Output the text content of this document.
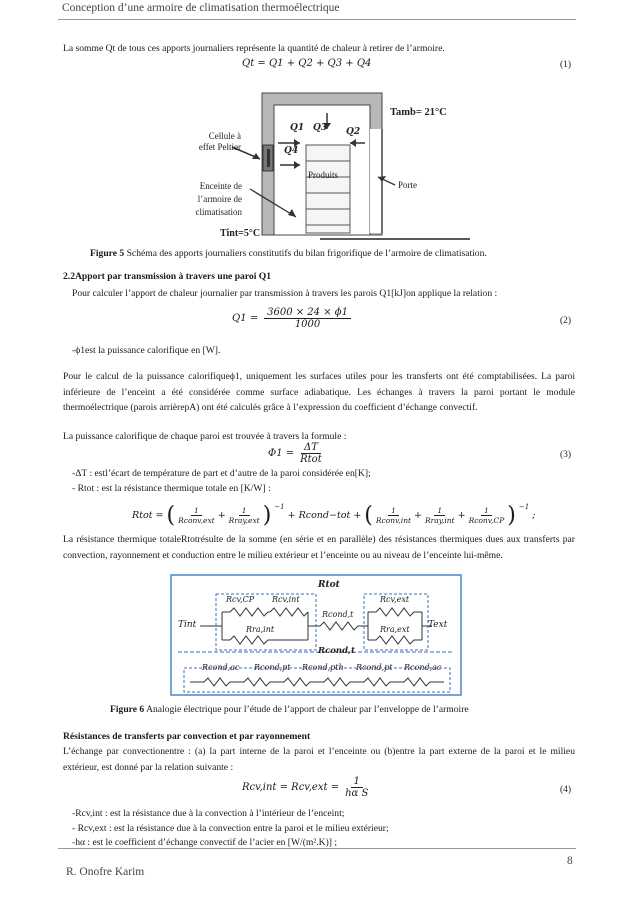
Conception d’une armoire de climatisation thermoélectrique
La somme Qt de tous ces apports journaliers représente la quantité de chaleur à retirer de l’armoire.
Qt = Q1 + Q2 + Q3 + Q4	(1)
Cellule à
effet Peltier
Enceinte de
l’armoire de
climatisation
Produits
Porte
Tamb= 21°C
Q1 Q3 Q2
Q4
Tint=5°C
Figure 5 Schéma des apports journaliers constitutifs du bilan frigorifique de l’armoire de climatisation.
2.2Apport par transmission à travers une paroi Q1
Pour calculer l’apport de chaleur journalier par transmission à travers les parois Q1[kJ]on applique la relation :
$Q1 = \frac{3600 \times 24 \times \phi 1}{1000}$	(2)
-ϕ1est la puissance calorifique en [W].
Pour le calcul de la puissance calorifiqueϕ1, uniquement les surfaces utiles pour les transferts ont été comptabilisées. La paroi inférieure de l’enceint a été considérée comme surface adiabatique. Les échanges à travers la paroi portant le module thermoélectrique (parois arrièrepA) ont été calculés grâce à l’expression du coefficient d’échange convectif.
La puissance calorifique de chaque paroi est trouvée à travers la formule :
$\Phi 1 = \frac{\Delta T}{\text{Rtot}}$	(3)
-ΔT : estl’écart de température de part et d’autre de la paroi considérée en[K];
- Rtot : est la résistance thermique totale en [K/W] :
Rtot = ( $\frac{1}{\text{Rconv,ext}} + \frac{1}{\text{Rray,ext}}$ ) $^{-1}$
+ Rcond−tot + ( $\frac{1}{\text{Rconv,int}} + \frac{1}{\text{Rray,int}} + \frac{1}{\text{Rconv,CP}}$ ) $^{-1}$
;
La résistance thermique totaleRtotrésulte de la somme (en série et en parallèle) des résistances thermiques dues aux transferts par convection, rayonnement et conduction entre le milieu extérieur et l’enceinte ou au niveau de l’enceinte lui-même.
Rtot
Rcv,CP Rcv,int	Rcv,ext
Rra,int
Rcond,t
Rra,ext
Tint	Text
Rcond,t
Rcond,ac Rcond,pt Rcond,pth Rcond,pt Rcond,ac
Figure 6 Analogie électrique pour l’étude de l’apport de chaleur par l’enveloppe de l’armoire
Résistances de transferts par convection et par rayonnement
L’échange par convectionentre : (a) la part interne de la paroi et l’enceinte ou (b)entre la part externe de la paroi et le milieu extérieur, est donné par la relation suivante :
$Rcv,int = Rcv,ext = \frac{1}{\text{hα S}}$	(4)
-Rcv,int : est la résistance due à la convection à l’intérieur de l’enceint;
- Rcv,ext : est la résistance due à la convection entre la paroi et le milieu extérieur;
-hα : est le coefficient d’échange convectif de l’acier en [W/(m².K)] ;
R. Onofre Karim
8
